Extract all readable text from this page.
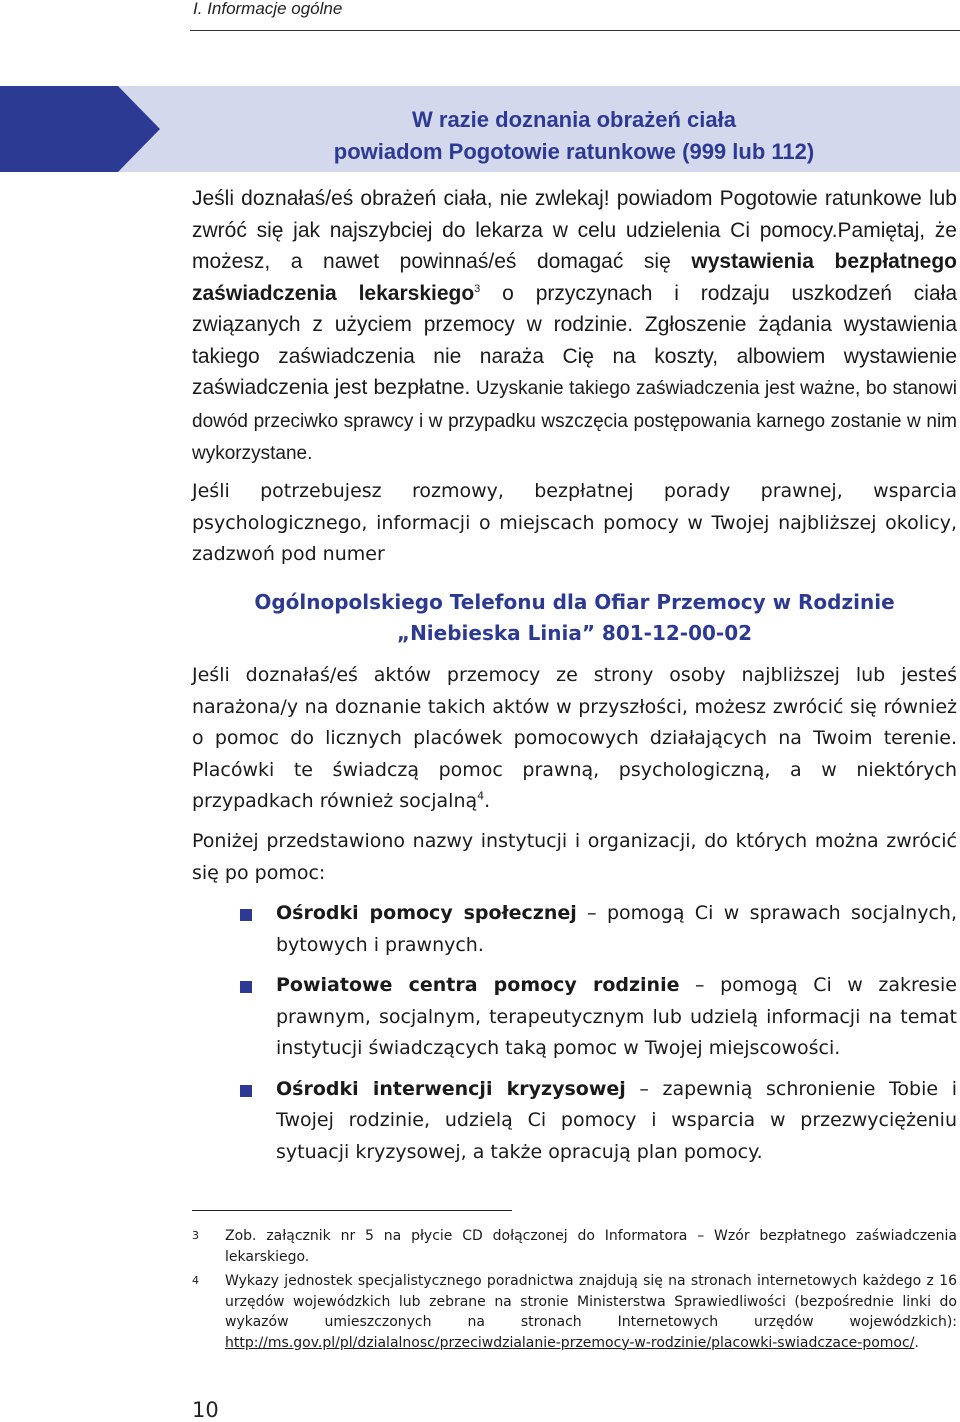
I. Informacje ogólne
W razie doznania obrażeń ciała
powiadom Pogotowie ratunkowe (999 lub 112)

Jeśli doznałaś/eś obrażeń ciała, nie zwlekaj! powiadom Pogotowie ratunkowe lub zwróć się jak najszybciej do lekarza w celu udzielenia Ci pomocy.Pamiętaj, że możesz, a nawet powinnaś/eś domagać się wystawienia bezpłatnego zaświadczenia lekarskiego$^3$ o przyczynach i rodzaju uszkodzeń ciała związanych z użyciem przemocy w rodzinie. Zgłoszenie żądania wystawienia takiego zaświadczenia nie naraża Cię na koszty, albowiem wystawienie zaświadczenia jest bezpłatne. Uzyskanie takiego zaświadczenia jest ważne, bo stanowi dowód przeciwko sprawcy i w przypadku wszczęcia postępowania karnego zostanie w nim wykorzystane.

Jeśli potrzebujesz rozmowy, bezpłatnej porady prawnej, wsparcia psychologicznego, informacji o miejscach pomocy w Twojej najbliższej okolicy, zadzwoń pod numer

Ogólnopolskiego Telefonu dla Ofiar Przemocy w Rodzinie
„Niebieska Linia” 801-12-00-02

Jeśli doznałaś/eś aktów przemocy ze strony osoby najbliższej lub jesteś narażona/y na doznanie takich aktów w przyszłości, możesz zwrócić się również o pomoc do licznych placówek pomocowych działających na Twoim terenie. Placówki te świadczą pomoc prawną, psychologiczną, a w niektórych przypadkach również socjalną$^4$.

Poniżej przedstawiono nazwy instytucji i organizacji, do których można zwrócić się po pomoc:

Ośrodki pomocy społecznej – pomogą Ci w sprawach socjalnych, bytowych i prawnych.
Powiatowe centra pomocy rodzinie – pomogą Ci w zakresie prawnym, socjalnym, terapeutycznym lub udzielą informacji na temat instytucji świadczących taką pomoc w Twojej miejscowości.
Ośrodki interwencji kryzysowej – zapewnią schronienie Tobie i Twojej rodzinie, udzielą Ci pomocy i wsparcia w przezwyciężeniu sytuacji kryzysowej, a także opracują plan pomocy.
3 Zob. załącznik nr 5 na płycie CD dołączonej do Informatora – Wzór bezpłatnego zaświadczenia lekarskiego.
4 Wykazy jednostek specjalistycznego poradnictwa znajdują się na stronach internetowych każdego z 16 urzędów wojewódzkich lub zebrane na stronie Ministerstwa Sprawiedliwości (bezpośrednie linki do wykazów umieszczonych na stronach Internetowych urzędów wojewódzkich): http://ms.gov.pl/pl/dzialalnosc/przeciwdzialanie-przemocy-w-rodzinie/placowki-swiadczace-pomoc/.
10
